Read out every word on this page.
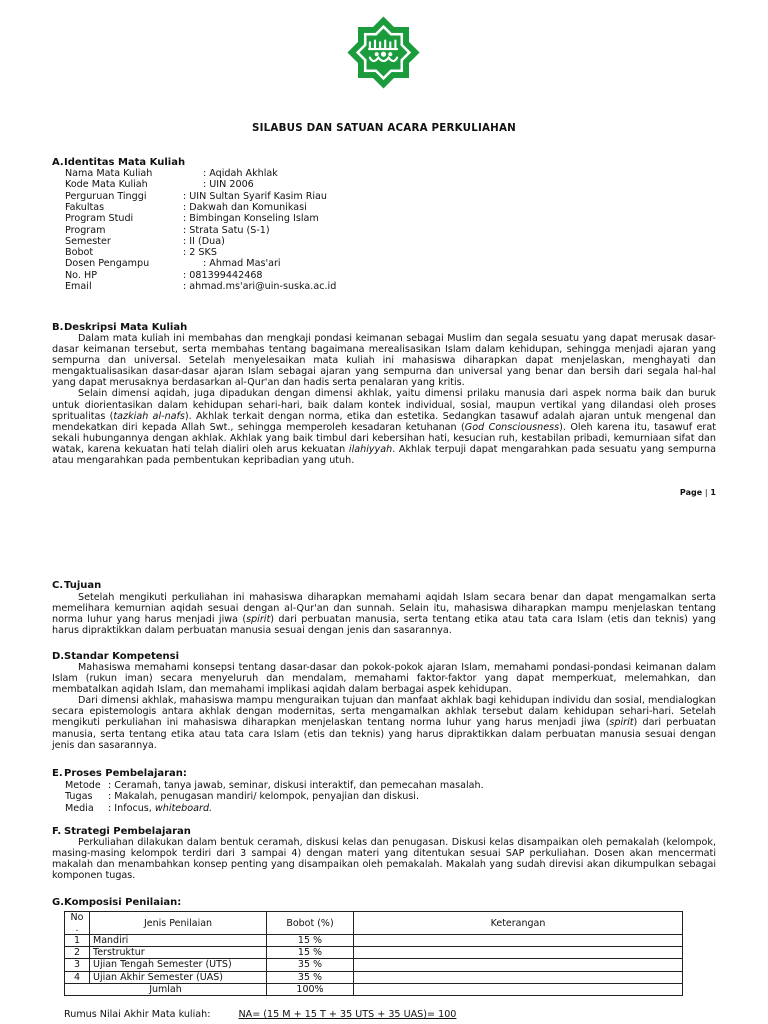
SILABUS DAN SATUAN ACARA PERKULIAHAN
A.Identitas Mata Kuliah
Nama Mata Kuliah	: Aqidah Akhlak
Kode Mata Kuliah	: UIN 2006
Perguruan Tinggi	: UIN Sultan Syarif Kasim Riau
Fakultas	: Dakwah dan Komunikasi
Program Studi	: Bimbingan Konseling Islam
Program	: Strata Satu (S-1)
Semester	: II (Dua)
Bobot	: 2 SKS
Dosen Pengampu	: Ahmad Mas'ari
No. HP	: 081399442468
Email	: ahmad.ms'ari@uin-suska.ac.id
B.Deskripsi Mata Kuliah

Dalam mata kuliah ini membahas dan mengkaji pondasi keimanan sebagai Muslim dan segala sesuatu yang dapat merusak dasar-dasar keimanan tersebut, serta membahas tentang bagaimana merealisasikan Islam dalam kehidupan, sehingga menjadi ajaran yang sempurna dan universal. Setelah menyelesaikan mata kuliah ini mahasiswa diharapkan dapat menjelaskan, menghayati dan mengaktualisasikan dasar-dasar ajaran Islam sebagai ajaran yang sempurna dan universal yang benar dan bersih dari segala hal-hal yang dapat merusaknya berdasarkan al-Qur'an dan hadis serta penalaran yang kritis.

Selain dimensi aqidah, juga dipadukan dengan dimensi akhlak, yaitu dimensi prilaku manusia dari aspek norma baik dan buruk untuk diorientasikan dalam kehidupan sehari-hari, baik dalam kontek individual, sosial, maupun vertikal yang dilandasi oleh proses spritualitas (tazkiah al-nafs). Akhlak terkait dengan norma, etika dan estetika. Sedangkan tasawuf adalah ajaran untuk mengenal dan mendekatkan diri kepada Allah Swt., sehingga memperoleh kesadaran ketuhanan (God Consciousness). Oleh karena itu, tasawuf erat sekali hubungannya dengan akhlak. Akhlak yang baik timbul dari kebersihan hati, kesucian ruh, kestabilan pribadi, kemurniaan sifat dan watak, karena kekuatan hati telah dialiri oleh arus kekuatan ilahiyyah. Akhlak terpuji dapat mengarahkan pada sesuatu yang sempurna atau mengarahkan pada pembentukan kepribadian yang utuh.

Page | 1
C.Tujuan

Setelah mengikuti perkuliahan ini mahasiswa diharapkan memahami aqidah Islam secara benar dan dapat mengamalkan serta memelihara kemurnian aqidah sesuai dengan al-Qur'an dan sunnah. Selain itu, mahasiswa diharapkan mampu menjelaskan tentang norma luhur yang harus menjadi jiwa (spirit) dari perbuatan manusia, serta tentang etika atau tata cara Islam (etis dan teknis) yang harus dipraktikkan dalam perbuatan manusia sesuai dengan jenis dan sasarannya.

D.Standar Kompetensi

Mahasiswa memahami konsepsi tentang dasar-dasar dan pokok-pokok ajaran Islam, memahami pondasi-pondasi keimanan dalam Islam (rukun iman) secara menyeluruh dan mendalam, memahami faktor-faktor yang dapat memperkuat, melemahkan, dan membatalkan aqidah Islam, dan memahami implikasi aqidah dalam berbagai aspek kehidupan.

Dari dimensi akhlak, mahasiswa mampu menguraikan tujuan dan manfaat akhlak bagi kehidupan individu dan sosial, mendialogkan secara epistemologis antara akhlak dengan modernitas, serta mengamalkan akhlak tersebut dalam kehidupan sehari-hari. Setelah mengikuti perkuliahan ini mahasiswa diharapkan menjelaskan tentang norma luhur yang harus menjadi jiwa (spirit) dari perbuatan manusia, serta tentang etika atau tata cara Islam (etis dan teknis) yang harus dipraktikkan dalam perbuatan manusia sesuai dengan jenis dan sasarannya.

E.Proses Pembelajaran:
Metode : Ceramah, tanya jawab, seminar, diskusi interaktif, dan pemecahan masalah.
Tugas : Makalah, penugasan mandiri/ kelompok, penyajian dan diskusi.
Media : Infocus, whiteboard.
F. Strategi Pembelajaran

Perkuliahan dilakukan dalam bentuk ceramah, diskusi kelas dan penugasan. Diskusi kelas disampaikan oleh pemakalah (kelompok, masing-masing kelompok terdiri dari 3 sampai 4) dengan materi yang ditentukan sesuai SAP perkuliahan. Dosen akan mencermati makalah dan menambahkan konsep penting yang disampaikan oleh pemakalah. Makalah yang sudah direvisi akan dikumpulkan sebagai komponen tugas.

G.Komposisi Penilaian:
No .	Jenis Penilaian	Bobot (%)	Keterangan
1	Mandiri	15 %	
2	Terstruktur	15 %	
3	Ujian Tengah Semester (UTS)	35 %	
4	Ujian Akhir Semester (UAS)	35 %	
Jumlah		100%	
Rumus Nilai Akhir Mata kuliah:	NA= (15 M + 15 T + 35 UTS + 35 UAS)= 100
